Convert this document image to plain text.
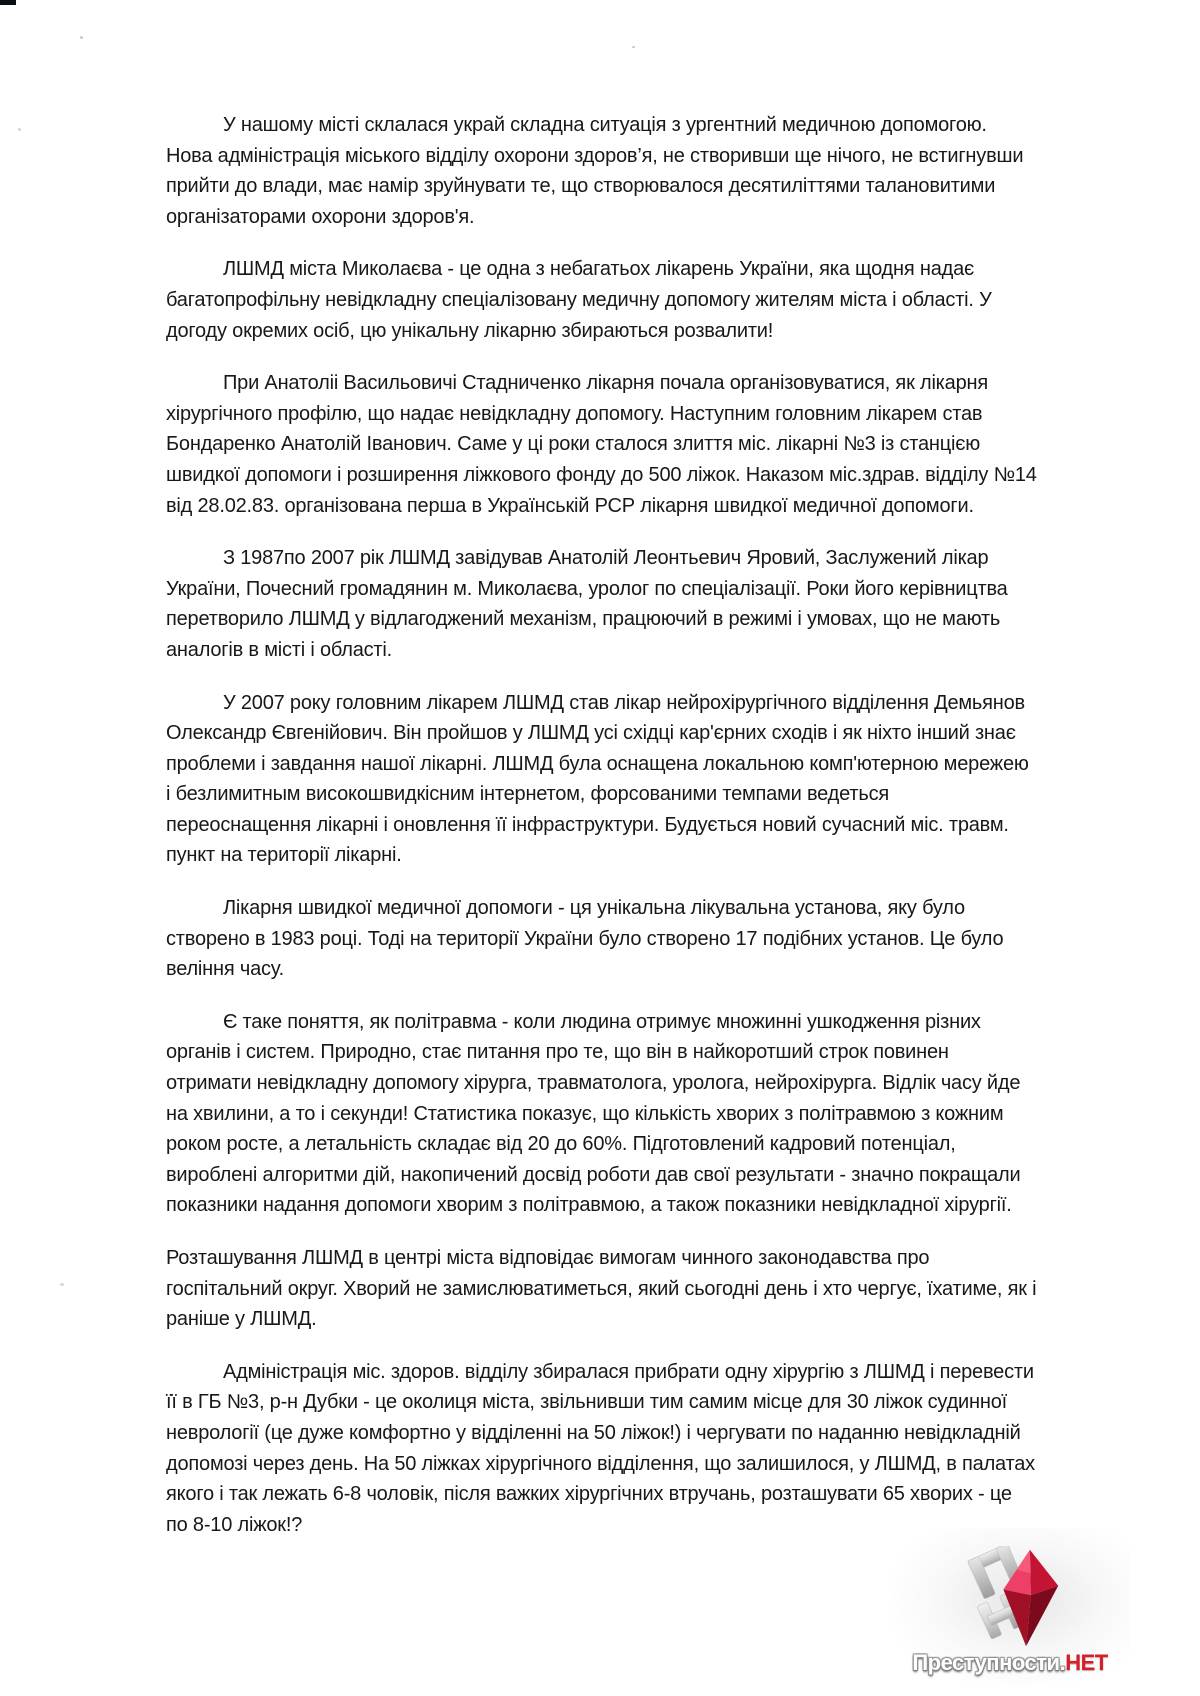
У нашому місті склалася украй складна ситуація з ургентний медичною допомогою. Нова адміністрація міського відділу охорони здоров’я, не створивши ще нічого, не встигнувши прийти до влади, має намір зруйнувати те, що створювалося десятиліттями талановитими організаторами охорони здоров'я.

ЛШМД міста Миколаєва - це одна з небагатьох лікарень України, яка щодня надає багатопрофільну невідкладну спеціалізовану медичну допомогу жителям міста і області. У догоду окремих осіб, цю унікальну лікарню збираються розвалити!

При Анатоліі Васильовичі Стадниченко лікарня почала організовуватися, як лікарня хірургічного профілю, що надає невідкладну допомогу. Наступним головним лікарем став Бондаренко Анатолій Іванович. Саме у ці роки сталося злиття міс. лікарні №3 із станцією швидкої допомоги і розширення ліжкового фонду до 500 ліжок. Наказом міс.здрав. відділу №14 від 28.02.83. організована перша в Українській РСР лікарня швидкої медичної допомоги.

З 1987по 2007 рік ЛШМД завідував Анатолій Леонтьевич Яровий, Заслужений лікар України, Почесний громадянин м. Миколаєва, уролог по спеціалізації. Роки його керівництва перетворило ЛШМД у відлагоджений механізм, працюючий в режимі і умовах, що не мають аналогів в місті і області.

У 2007 року головним лікарем ЛШМД став лікар нейрохірургічного відділення Демьянов Олександр Євгенійович. Він пройшов у ЛШМД усі східці кар'єрних сходів і як ніхто інший знає проблеми і завдання нашої лікарні. ЛШМД була оснащена локальною комп'ютерною мережею і безлимитным високошвидкісним інтернетом, форсованими темпами ведеться переоснащення лікарні і оновлення її інфраструктури. Будується новий сучасний міс. травм. пункт на території лікарні.

Лікарня швидкої медичної допомоги - ця унікальна лікувальна установа, яку було створено в 1983 році. Тоді на території України було створено 17 подібних установ. Це було веління часу.

Є таке поняття, як політравма - коли людина отримує множинні ушкодження різних органів і систем. Природно, стає питання про те, що він в найкоротший строк повинен отримати невідкладну допомогу хірурга, травматолога, уролога, нейрохірурга. Відлік часу йде на хвилини, а то і секунди! Статистика показує, що кількість хворих з політравмою з кожним роком росте, а летальність складає від 20 до 60%. Підготовлений кадровий потенціал, вироблені алгоритми дій, накопичений досвід роботи дав свої результати - значно покращали показники надання допомоги хворим з політравмою, а також показники невідкладної хірургії.

Розташування ЛШМД в центрі міста відповідає вимогам чинного законодавства про госпітальний округ. Хворий не замислюватиметься, який сьогодні день і хто чергує, їхатиме, як і раніше у ЛШМД.

Адміністрація міс. здоров. відділу збиралася прибрати одну хірургію з ЛШМД і перевести її в ГБ №3, р-н Дубки - це околиця міста, звільнивши тим самим місце для 30 ліжок судинної неврології (це дуже комфортно у відділенні на 50 ліжок!) і чергувати по наданню невідкладній допомозі через день. На 50 ліжках хірургічного відділення, що залишилося, у ЛШМД, в палатах якого і так лежать 6-8 чоловік, після важких хірургічних втручань, розташувати 65 хворих - це по 8-10 ліжок!?

Преступности.НЕТ
